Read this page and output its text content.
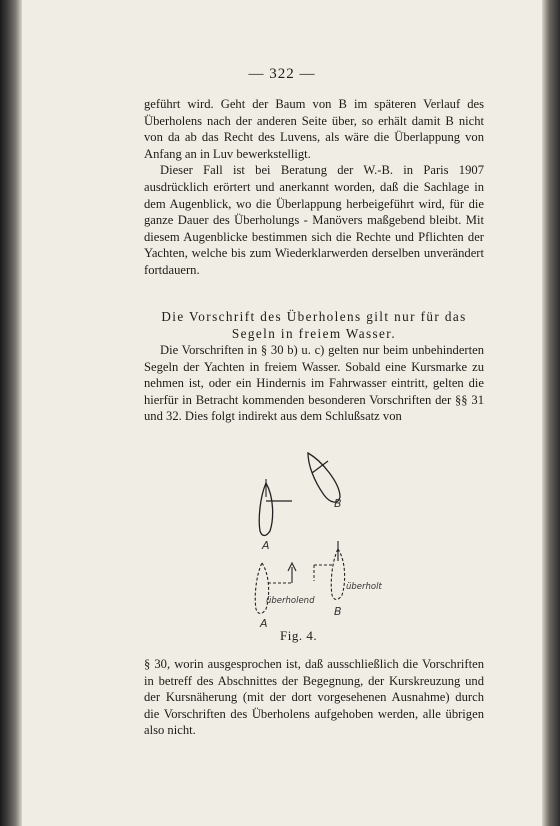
— 322 —

geführt wird. Geht der Baum von B im späteren Verlauf des Überholens nach der anderen Seite über, so erhält damit B nicht von da ab das Recht des Luvens, als wäre die Überlappung von Anfang an in Luv bewerkstelligt.

Dieser Fall ist bei Beratung der W.-B. in Paris 1907 ausdrücklich erörtert und anerkannt worden, daß die Sachlage in dem Augenblick, wo die Überlappung herbeigeführt wird, für die ganze Dauer des Überholungs - Manövers maßgebend bleibt. Mit diesem Augenblicke bestimmen sich die Rechte und Pflichten der Yachten, welche bis zum Wiederklarwerden derselben unverändert fortdauern.

Die Vorschrift des Überholens gilt nur für das Segeln in freiem Wasser.

Die Vorschriften in § 30 b) u. c) gelten nur beim unbehinderten Segeln der Yachten in freiem Wasser. Sobald eine Kursmarke zu nehmen ist, oder ein Hindernis im Fahrwasser eintritt, gelten die hierfür in Betracht kommenden besonderen Vorschriften der §§ 31 und 32. Dies folgt indirekt aus dem Schlußsatz von

B
A
überholend
A
überholt
B
Fig. 4.

§ 30, worin ausgesprochen ist, daß ausschließlich die Vorschriften in betreff des Abschnittes der Begegnung, der Kurskreuzung und der Kursnäherung (mit der dort vorgesehenen Ausnahme) durch die Vorschriften des Überholens aufgehoben werden, alle übrigen also nicht.
